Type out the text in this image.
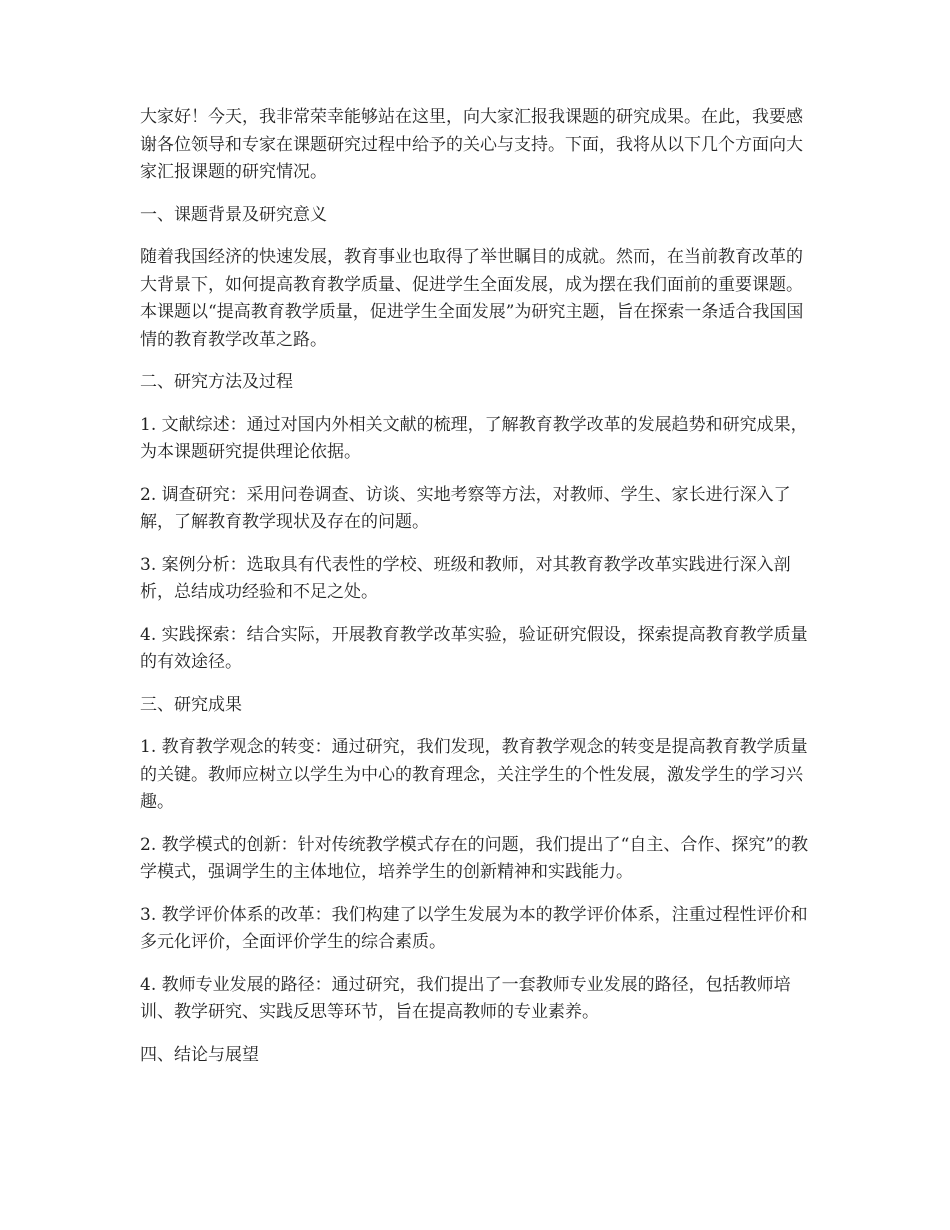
大家好！今天，我非常荣幸能够站在这里，向大家汇报我课题的研究成果。在此，我要感谢各位领导和专家在课题研究过程中给予的关心与支持。下面，我将从以下几个方面向大家汇报课题的研究情况。

一、课题背景及研究意义

随着我国经济的快速发展，教育事业也取得了举世瞩目的成就。然而，在当前教育改革的大背景下，如何提高教育教学质量、促进学生全面发展，成为摆在我们面前的重要课题。本课题以“提高教育教学质量，促进学生全面发展”为研究主题，旨在探索一条适合我国国情的教育教学改革之路。

二、研究方法及过程

1. 文献综述：通过对国内外相关文献的梳理，了解教育教学改革的发展趋势和研究成果，为本课题研究提供理论依据。

2. 调查研究：采用问卷调查、访谈、实地考察等方法，对教师、学生、家长进行深入了解，了解教育教学现状及存在的问题。

3. 案例分析：选取具有代表性的学校、班级和教师，对其教育教学改革实践进行深入剖析，总结成功经验和不足之处。

4. 实践探索：结合实际，开展教育教学改革实验，验证研究假设，探索提高教育教学质量的有效途径。

三、研究成果

1. 教育教学观念的转变：通过研究，我们发现，教育教学观念的转变是提高教育教学质量的关键。教师应树立以学生为中心的教育理念，关注学生的个性发展，激发学生的学习兴趣。

2. 教学模式的创新：针对传统教学模式存在的问题，我们提出了“自主、合作、探究”的教学模式，强调学生的主体地位，培养学生的创新精神和实践能力。

3. 教学评价体系的改革：我们构建了以学生发展为本的教学评价体系，注重过程性评价和多元化评价，全面评价学生的综合素质。

4. 教师专业发展的路径：通过研究，我们提出了一套教师专业发展的路径，包括教师培训、教学研究、实践反思等环节，旨在提高教师的专业素养。

四、结论与展望
